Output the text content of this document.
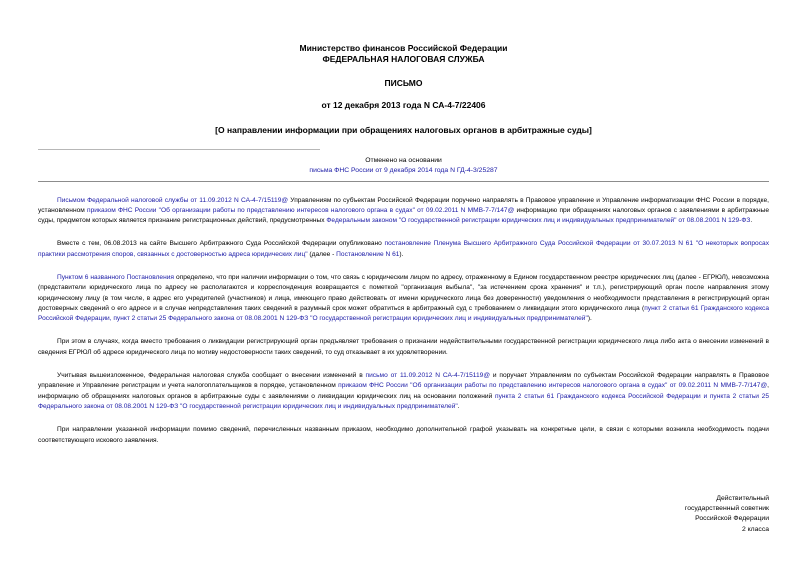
Министерство финансов Российской Федерации
ФЕДЕРАЛЬНАЯ НАЛОГОВАЯ СЛУЖБА
ПИСЬМО
от 12 декабря 2013 года N СА-4-7/22406
[О направлении информации при обращениях налоговых органов в арбитражные суды]
Отменено на основании
письма ФНС России от 9 декабря 2014 года N ГД-4-3/25287
Письмом Федеральной налоговой службы от 11.09.2012 N СА-4-7/15119@ Управлениям по субъектам Российской Федерации поручено направлять в Правовое управление и Управление информатизации ФНС России в порядке, установленном приказом ФНС России "Об организации работы по представлению интересов налогового органа в судах" от 09.02.2011 N ММВ-7-7/147@ информацию при обращениях налоговых органов с заявлениями в арбитражные суды, предметом которых является признание регистрационных действий, предусмотренных Федеральным законом "О государственной регистрации юридических лиц и индивидуальных предпринимателей" от 08.08.2001 N 129-ФЗ.
Вместе с тем, 06.08.2013 на сайте Высшего Арбитражного Суда Российской Федерации опубликовано постановление Пленума Высшего Арбитражного Суда Российской Федерации от 30.07.2013 N 61 "О некоторых вопросах практики рассмотрения споров, связанных с достоверностью адреса юридических лиц" (далее - Постановление N 61).
Пунктом 6 названного Постановления определено, что при наличии информации о том, что связь с юридическим лицом по адресу, отраженному в Едином государственном реестре юридических лиц (далее - ЕГРЮЛ), невозможна (представители юридического лица по адресу не располагаются и корреспонденция возвращается с пометкой "организация выбыла", "за истечением срока хранения" и т.п.), регистрирующий орган после направления этому юридическому лицу (в том числе, в адрес его учредителей (участников) и лица, имеющего право действовать от имени юридического лица без доверенности) уведомления о необходимости представления в регистрирующий орган достоверных сведений о его адресе и в случае непредставления таких сведений в разумный срок может обратиться в арбитражный суд с требованием о ликвидации этого юридического лица (пункт 2 статьи 61 Гражданского кодекса Российской Федерации, пункт 2 статьи 25 Федерального закона от 08.08.2001 N 129-ФЗ "О государственной регистрации юридических лиц и индивидуальных предпринимателей").
При этом в случаях, когда вместо требования о ликвидации регистрирующий орган предъявляет требования о признании недействительными государственной регистрации юридического лица либо акта о внесении изменений в сведения ЕГРЮЛ об адресе юридического лица по мотиву недостоверности таких сведений, то суд отказывает в их удовлетворении.
Учитывая вышеизложенное, Федеральная налоговая служба сообщает о внесении изменений в письмо от 11.09.2012 N СА-4-7/15119@ и поручает Управлениям по субъектам Российской Федерации направлять в Правовое управление и Управление регистрации и учета налогоплательщиков в порядке, установленном приказом ФНС России "Об организации работы по представлению интересов налогового органа в судах" от 09.02.2011 N ММВ-7-7/147@, информацию об обращениях налоговых органов в арбитражные суды с заявлениями о ликвидации юридических лиц на основании положений пункта 2 статьи 61 Гражданского кодекса Российской Федерации и пункта 2 статьи 25 Федерального закона от 08.08.2001 N 129-ФЗ "О государственной регистрации юридических лиц и индивидуальных предпринимателей".
При направлении указанной информации помимо сведений, перечисленных названным приказом, необходимо дополнительной графой указывать на конкретные цели, в связи с которыми возникла необходимость подачи соответствующего искового заявления.
Действительный
государственный советник
Российской Федерации
2 класса
